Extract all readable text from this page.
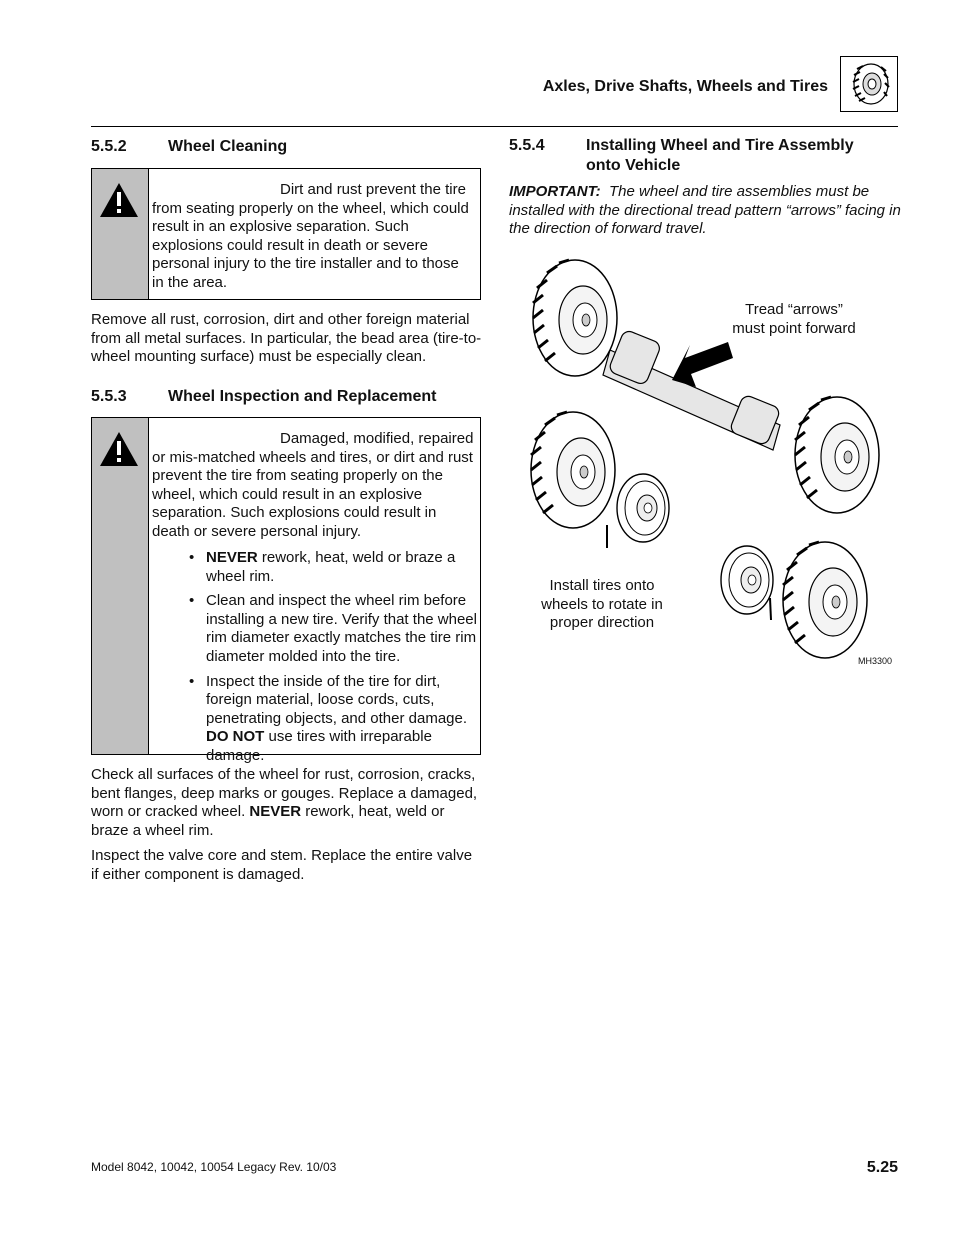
Axles, Drive Shafts, Wheels and Tires
5.5.2	Wheel Cleaning
Dirt and rust prevent the tire from seating properly on the wheel, which could result in an explosive separation. Such explosions could result in death or severe personal injury to the tire installer and to those in the area.
Remove all rust, corrosion, dirt and other foreign material from all metal surfaces. In particular, the bead area (tire-to-wheel mounting surface) must be especially clean.
5.5.3	Wheel Inspection and Replacement
Damaged, modified, repaired or mis-matched wheels and tires, or dirt and rust prevent the tire from seating properly on the wheel, which could result in an explosive separation. Such explosions could result in death or severe personal injury.
• NEVER rework, heat, weld or braze a wheel rim.
• Clean and inspect the wheel rim before installing a new tire. Verify that the wheel rim diameter exactly matches the tire rim diameter molded into the tire.
• Inspect the inside of the tire for dirt, foreign material, loose cords, cuts, penetrating objects, and other damage. DO NOT use tires with irreparable damage.
Check all surfaces of the wheel for rust, corrosion, cracks, bent flanges, deep marks or gouges. Replace a damaged, worn or cracked wheel. NEVER rework, heat, weld or braze a wheel rim.
Inspect the valve core and stem. Replace the entire valve if either component is damaged.
5.5.4	Installing Wheel and Tire Assembly
onto Vehicle
IMPORTANT: The wheel and tire assemblies must be installed with the directional tread pattern “arrows” facing in the direction of forward travel.
Tread “arrows”
must point forward
Install tires onto
wheels to rotate in
proper direction
MH3300
Model 8042, 10042, 10054 Legacy Rev. 10/03	5.25
